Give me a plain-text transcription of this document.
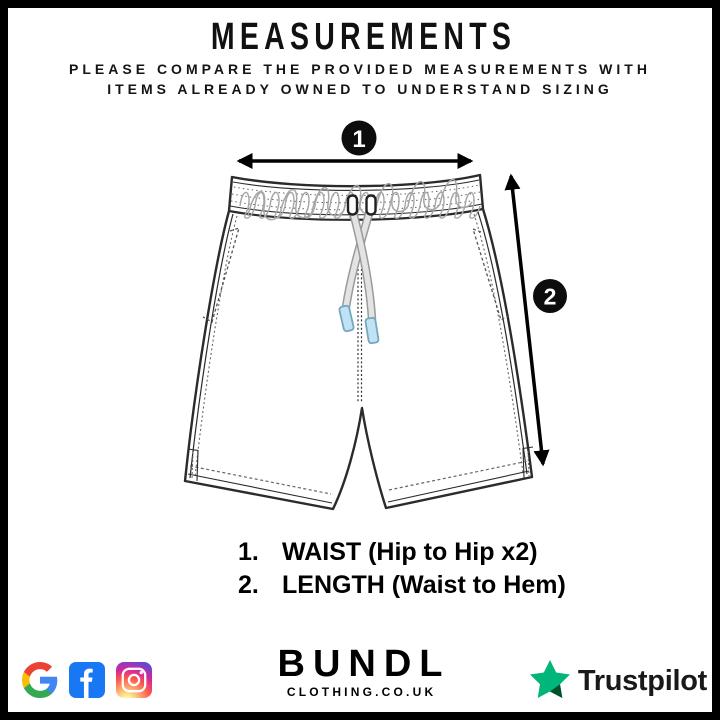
MEASUREMENTS
PLEASE COMPARE THE PROVIDED MEASUREMENTS WITH
ITEMS ALREADY OWNED TO UNDERSTAND SIZING
1
2
1. WAIST (Hip to Hip x2)
2. LENGTH (Waist to Hem)
BUNDL
CLOTHING.CO.UK	Trustpilot
